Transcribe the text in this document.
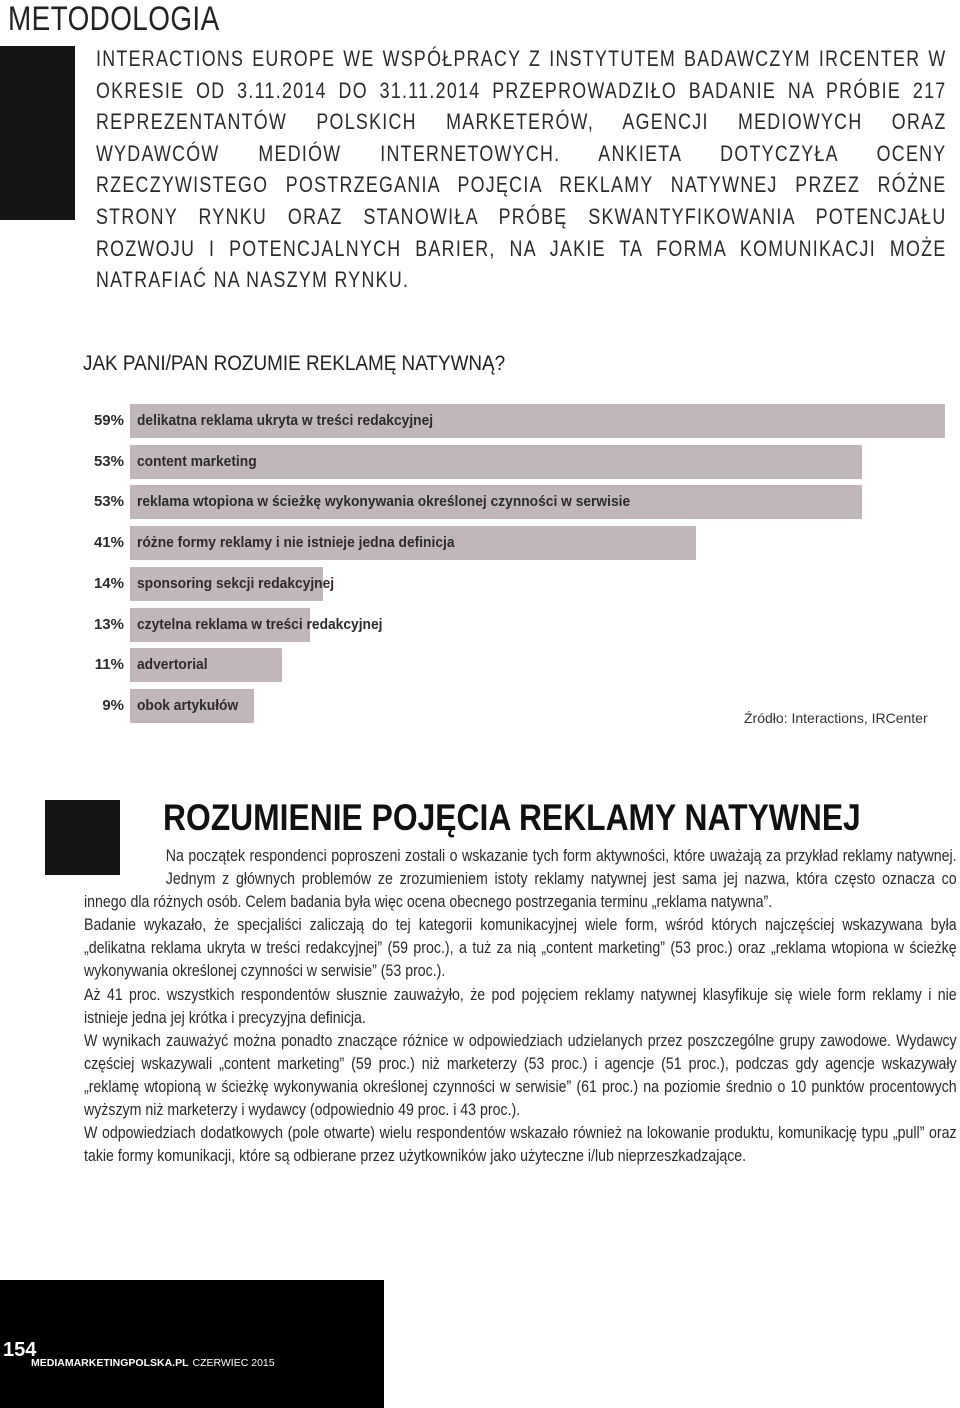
METODOLOGIA

INTERACTIONS EUROPE WE WSPÓŁPRACY Z INSTYTUTEM BADAWCZYM IRCENTER W OKRESIE OD 3.11.2014 DO 31.11.2014 PRZEPROWADZIŁO BADANIE NA PRÓBIE 217 REPREZENTANTÓW POLSKICH MARKETERÓW, AGENCJI MEDIOWYCH ORAZ WYDAWCÓW MEDIÓW INTERNETOWYCH. ANKIETA DOTYCZYŁA OCENY RZECZYWISTEGO POSTRZEGANIA POJĘCIA REKLAMY NATYWNEJ PRZEZ RÓŻNE STRONY RYNKU ORAZ STANOWIŁA PRÓBĘ SKWANTYFIKOWANIA POTENCJAŁU ROZWOJU I POTENCJALNYCH BARIER, NA JAKIE TA FORMA KOMUNIKACJI MOŻE NATRAFIAĆ NA NASZYM RYNKU.

JAK PANI/PAN ROZUMIE REKLAMĘ NATYWNĄ?
59% delikatna reklama ukryta w treści redakcyjnej
53% content marketing
53% reklama wtopiona w ścieżkę wykonywania określonej czynności w serwisie
41% różne formy reklamy i nie istnieje jedna definicja
14% sponsoring sekcji redakcyjnej
13% czytelna reklama w treści redakcyjnej
11% advertorial
9% obok artykułów

Źródło: Interactions, IRCenter

ROZUMIENIE POJĘCIA REKLAMY NATYWNEJ

Na początek respondenci poproszeni zostali o wskazanie tych form aktywności, które uważają za przykład reklamy natywnej. Jednym z głównych problemów ze zrozumieniem istoty reklamy natywnej jest sama jej nazwa, która często oznacza co innego dla różnych osób. Celem badania była więc ocena obecnego postrzegania terminu „reklama natywna”.

Badanie wykazało, że specjaliści zaliczają do tej kategorii komunikacyjnej wiele form, wśród których najczęściej wskazywana była „delikatna reklama ukryta w treści redakcyjnej” (59 proc.), a tuż za nią „content marketing” (53 proc.) oraz „reklama wtopiona w ścieżkę wykonywania określonej czynności w serwisie” (53 proc.).

Aż 41 proc. wszystkich respondentów słusznie zauważyło, że pod pojęciem reklamy natywnej klasyfikuje się wiele form reklamy i nie istnieje jedna jej krótka i precyzyjna definicja.

W wynikach zauważyć można ponadto znaczące różnice w odpowiedziach udzielanych przez poszczególne grupy zawodowe. Wydawcy częściej wskazywali „content marketing” (59 proc.) niż marketerzy (53 proc.) i agencje (51 proc.), podczas gdy agencje wskazywały „reklamę wtopioną w ścieżkę wykonywania określonej czynności w serwisie” (61 proc.) na poziomie średnio o 10 punktów procentowych wyższym niż marketerzy i wydawcy (odpowiednio 49 proc. i 43 proc.).

W odpowiedziach dodatkowych (pole otwarte) wielu respondentów wskazało również na lokowanie produktu, komunikację typu „pull” oraz takie formy komunikacji, które są odbierane przez użytkowników jako użyteczne i/lub nieprzeszkadzające.

154

MEDIAMARKETINGPOLSKA.PL CZERWIEC 2015
